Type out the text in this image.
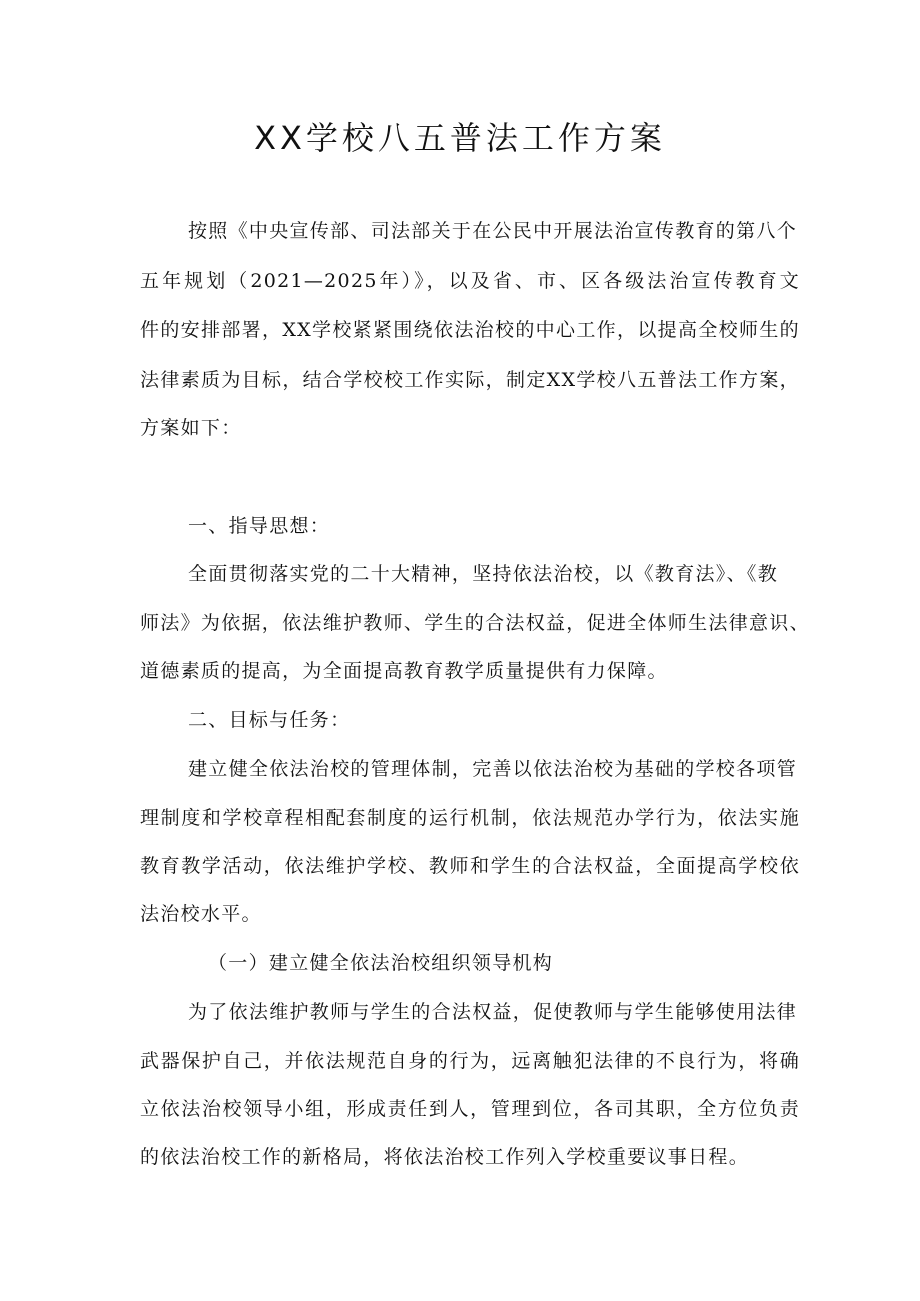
XX学校八五普法工作方案
按照《中央宣传部、司法部关于在公民中开展法治宣传教育的第八个
五年规划（2021—2025年）》，以及省、市、区各级法治宣传教育文
件的安排部署，XX学校紧紧围绕依法治校的中心工作，以提高全校师生的
法律素质为目标，结合学校校工作实际，制定XX学校八五普法工作方案，
方案如下：
一、指导思想：
全面贯彻落实党的二十大精神，坚持依法治校，以《教育法》、《教
师法》为依据，依法维护教师、学生的合法权益，促进全体师生法律意识、
道德素质的提高，为全面提高教育教学质量提供有力保障。
二、目标与任务：
建立健全依法治校的管理体制，完善以依法治校为基础的学校各项管
理制度和学校章程相配套制度的运行机制，依法规范办学行为，依法实施
教育教学活动，依法维护学校、教师和学生的合法权益，全面提高学校依
法治校水平。
（一）建立健全依法治校组织领导机构
为了依法维护教师与学生的合法权益，促使教师与学生能够使用法律
武器保护自己，并依法规范自身的行为，远离触犯法律的不良行为，将确
立依法治校领导小组，形成责任到人，管理到位，各司其职，全方位负责
的依法治校工作的新格局，将依法治校工作列入学校重要议事日程。
